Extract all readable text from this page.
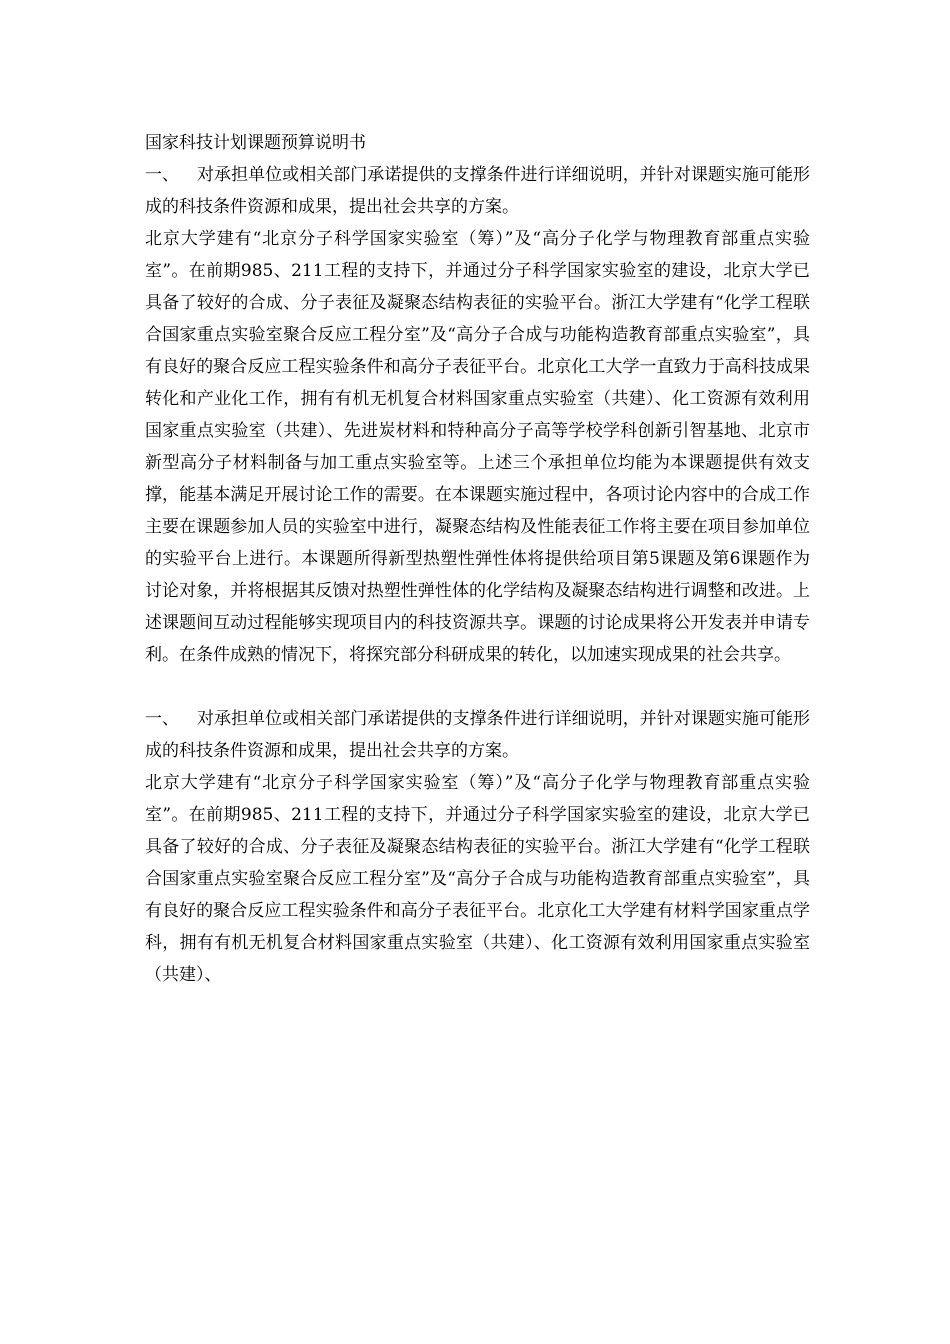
国家科技计划课题预算说明书

一、 对承担单位或相关部门承诺提供的支撑条件进行详细说明，并针对课题实施可能形成的科技条件资源和成果，提出社会共享的方案。

北京大学建有“北京分子科学国家实验室（筹）”及“高分子化学与物理教育部重点实验室”。在前期985、211工程的支持下，并通过分子科学国家实验室的建设，北京大学已具备了较好的合成、分子表征及凝聚态结构表征的实验平台。浙江大学建有“化学工程联合国家重点实验室聚合反应工程分室”及“高分子合成与功能构造教育部重点实验室”，具有良好的聚合反应工程实验条件和高分子表征平台。北京化工大学一直致力于高科技成果转化和产业化工作，拥有有机无机复合材料国家重点实验室（共建）、化工资源有效利用国家重点实验室（共建）、先进炭材料和特种高分子高等学校学科创新引智基地、北京市新型高分子材料制备与加工重点实验室等。上述三个承担单位均能为本课题提供有效支撑，能基本满足开展讨论工作的需要。在本课题实施过程中，各项讨论内容中的合成工作主要在课题参加人员的实验室中进行，凝聚态结构及性能表征工作将主要在项目参加单位的实验平台上进行。本课题所得新型热塑性弹性体将提供给项目第5课题及第6课题作为讨论对象，并将根据其反馈对热塑性弹性体的化学结构及凝聚态结构进行调整和改进。上述课题间互动过程能够实现项目内的科技资源共享。课题的讨论成果将公开发表并申请专利。在条件成熟的情况下，将探究部分科研成果的转化，以加速实现成果的社会共享。

一、 对承担单位或相关部门承诺提供的支撑条件进行详细说明，并针对课题实施可能形成的科技条件资源和成果，提出社会共享的方案。

北京大学建有“北京分子科学国家实验室（筹）”及“高分子化学与物理教育部重点实验室”。在前期985、211工程的支持下，并通过分子科学国家实验室的建设，北京大学已具备了较好的合成、分子表征及凝聚态结构表征的实验平台。浙江大学建有“化学工程联合国家重点实验室聚合反应工程分室”及“高分子合成与功能构造教育部重点实验室”，具有良好的聚合反应工程实验条件和高分子表征平台。北京化工大学建有材料学国家重点学科，拥有有机无机复合材料国家重点实验室（共建）、化工资源有效利用国家重点实验室（共建）、
